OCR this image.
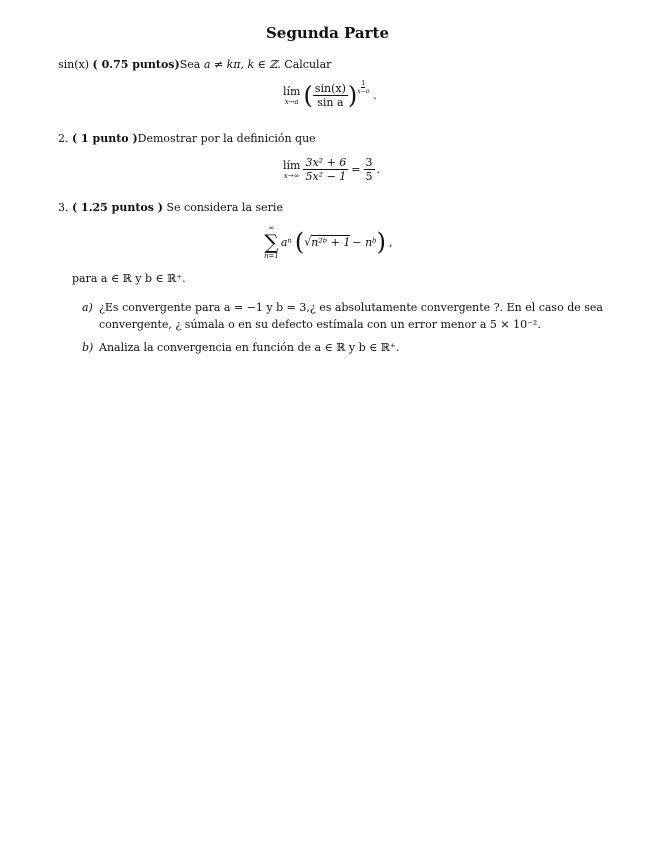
Segunda Parte
sin(x) ( 0.75 puntos)Sea a ≠ kπ, k ∈ ℤ. Calcular
lím
x→a ( $\frac{\sin(x)}{\text{sin a}}$ ) $\frac{1}{x-a}$ .
2. ( 1 punto )Demostrar por la definición que
lím
$x\to\infty \frac{\text{3x² + 6}}{\text{5x² − 1}} = \frac{3}{5}$ .
3. ( 1.25 puntos ) Se considera la serie
∞
∑
n=1
aⁿ (√n²ᵇ + 1 − nᵇ) ,
para a ∈ ℝ y b ∈ ℝ⁺.
a) ¿Es convergente para a = −1 y b = 3,¿ es absolutamente convergente ?. En el caso de sea
convergente, ¿ súmala o en su defecto estímala con un error menor a 5 × 10⁻².
b) Analiza la convergencia en función de a ∈ ℝ y b ∈ ℝ⁺.
